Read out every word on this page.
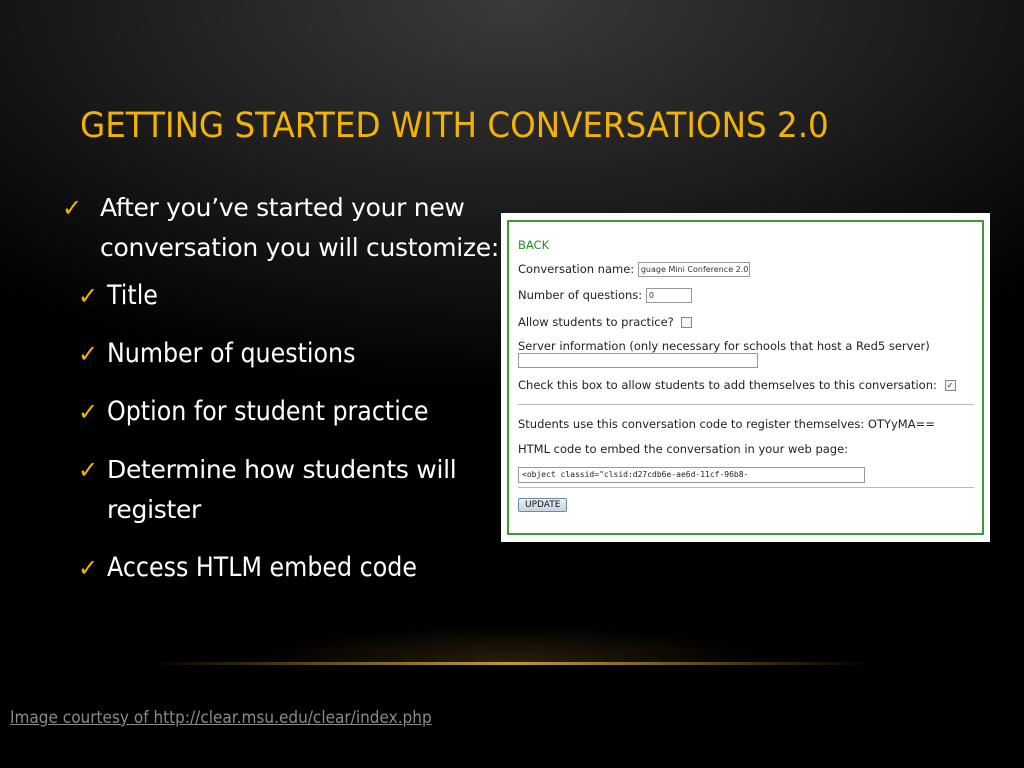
GETTING STARTED WITH CONVERSATIONS 2.0
✓ After you’ve started your new conversation you will customize:
✓ Title
✓ Number of questions
✓ Option for student practice
✓ Determine how students will register
✓ Access HTLM embed code
BACK
Conversation name: guage Mini Conference 2.0
Number of questions: 0
Allow students to practice?
Server information (only necessary for schools that host a Red5 server)
Check this box to allow students to add themselves to this conversation: ✓
Students use this conversation code to register themselves: OTYyMA==
HTML code to embed the conversation in your web page:
<object classid="clsid:d27cdb6e-ae6d-11cf-96b8-
UPDATE
Image courtesy of http://clear.msu.edu/clear/index.php
